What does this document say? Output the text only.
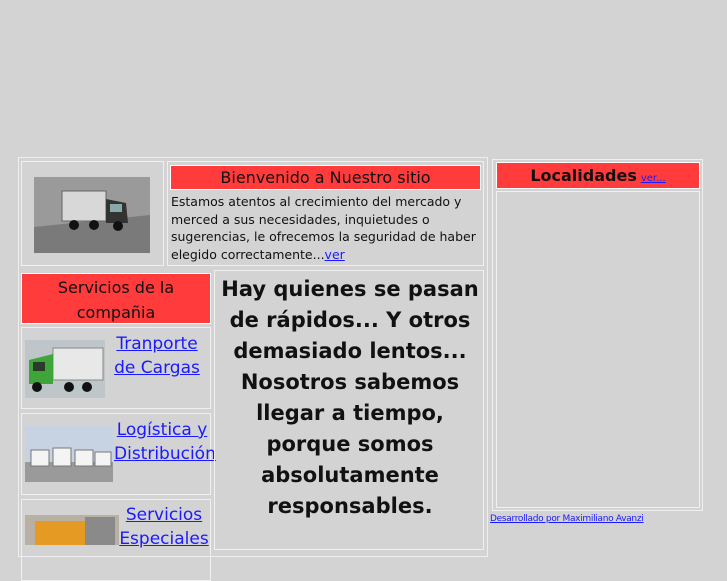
Bienvenido a Nuestro sitio
Estamos atentos al crecimiento del mercado y merced a sus necesidades, inquietudes o sugerencias, le ofrecemos la seguridad de haber elegido correctamente...ver
Servicios de la compañia
Tranporte de Cargas
Logística y Distribución
Servicios Especiales
Hay quienes se pasan de rápidos... Y otros demasiado lentos... Nosotros sabemos llegar a tiempo, porque somos absolutamente responsables.
Localidades ver...
Desarrollado por Maximiliano Avanzi
